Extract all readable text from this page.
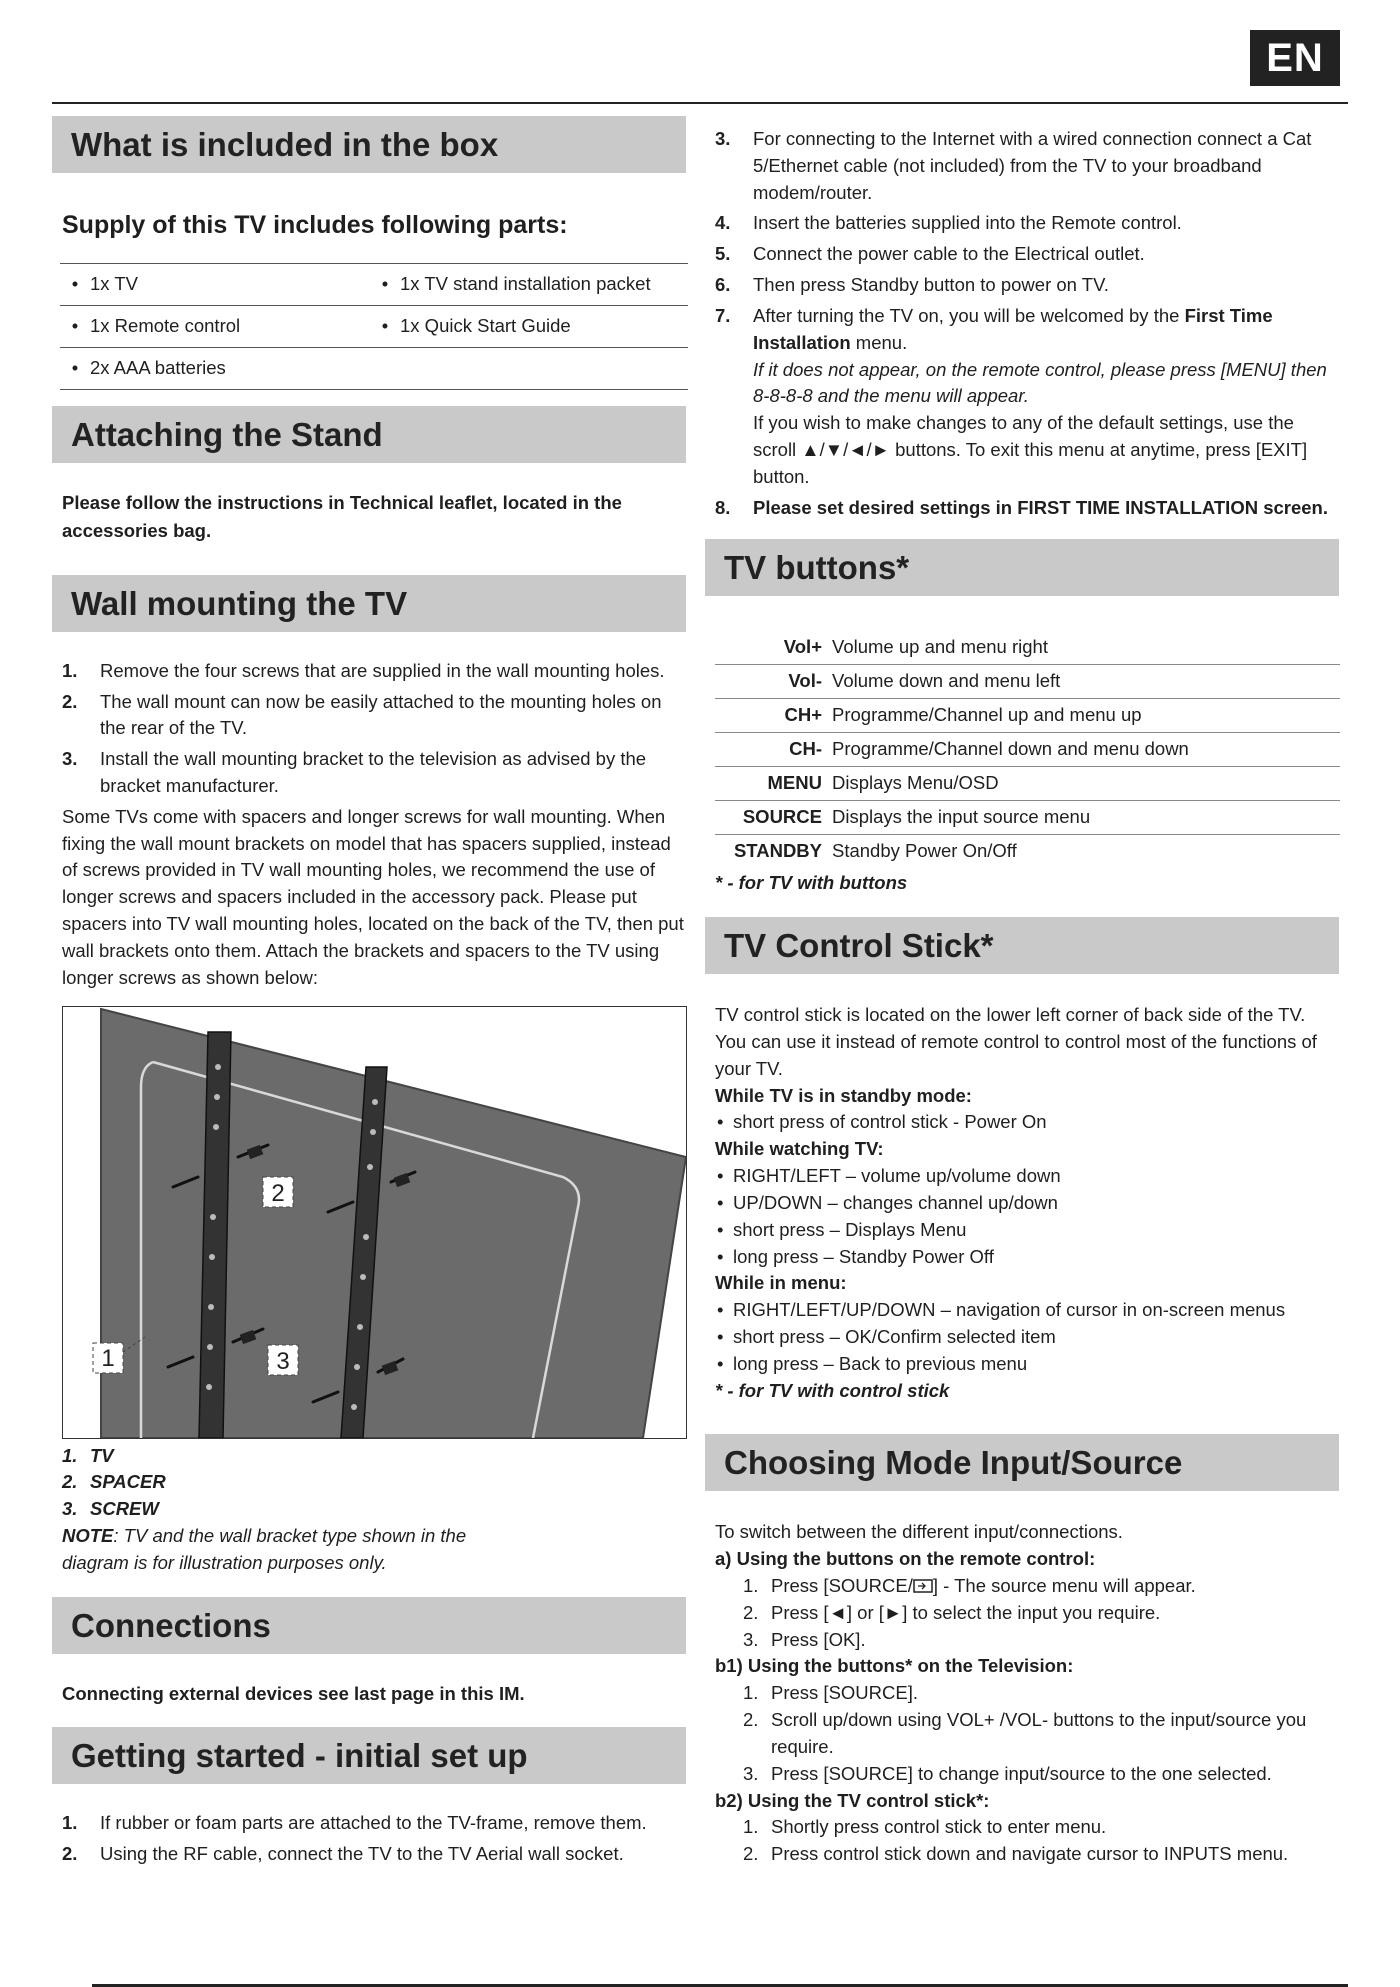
EN
What is included in the box
Supply of this TV includes following parts:
•	1x TV	•	1x TV stand installation packet
•	1x Remote control	•	1x Quick Start Guide
•	2x AAA batteries		
Attaching the Stand
Please follow the instructions in Technical leaflet, located in the accessories bag.
Wall mounting the TV
1. Remove the four screws that are supplied in the wall mounting holes.
2. The wall mount can now be easily attached to the mounting holes on the rear of the TV.
3. Install the wall mounting bracket to the television as advised by the bracket manufacturer.
Some TVs come with spacers and longer screws for wall mounting. When fixing the wall mount brackets on model that has spacers supplied, instead of screws provided in TV wall mounting holes, we recommend the use of longer screws and spacers included in the accessory pack. Please put spacers into TV wall mounting holes, located on the back of the TV, then put wall brackets onto them. Attach the brackets and spacers to the TV using longer screws as shown below:
1
2
3
1. TV
2. SPACER
3. SCREW
NOTE: TV and the wall bracket type shown in the diagram is for illustration purposes only.
Connections
Connecting external devices see last page in this IM.
Getting started - initial set up
1. If rubber or foam parts are attached to the TV-frame, remove them.
2. Using the RF cable, connect the TV to the TV Aerial wall socket.
3. For connecting to the Internet with a wired connection connect a Cat 5/Ethernet cable (not included) from the TV to your broadband modem/router.
4. Insert the batteries supplied into the Remote control.
5. Connect the power cable to the Electrical outlet.
6. Then press Standby button to power on TV.
7. After turning the TV on, you will be welcomed by the First Time Installation menu.
If it does not appear, on the remote control, please press [MENU] then 8-8-8-8 and the menu will appear.
If you wish to make changes to any of the default settings, use the scroll ▲/▼/◄/► buttons. To exit this menu at anytime, press [EXIT] button.
8. Please set desired settings in FIRST TIME INSTALLATION screen.
TV buttons*
Vol+	Volume up and menu right
Vol-	Volume down and menu left
CH+	Programme/Channel up and menu up
CH-	Programme/Channel down and menu down
MENU	Displays Menu/OSD
SOURCE	Displays the input source menu
STANDBY	Standby Power On/Off
* - for TV with buttons
TV Control Stick*
TV control stick is located on the lower left corner of back side of the TV. You can use it instead of remote control to control most of the functions of your TV.
While TV is in standby mode:
• short press of control stick - Power On
While watching TV:
• RIGHT/LEFT – volume up/volume down
• UP/DOWN – changes channel up/down
• short press – Displays Menu
• long press – Standby Power Off
While in menu:
• RIGHT/LEFT/UP/DOWN – navigation of cursor in on-screen menus
• short press – OK/Confirm selected item
• long press – Back to previous menu
* - for TV with control stick
Choosing Mode Input/Source
To switch between the different input/connections.
a) Using the buttons on the remote control:
1. Press [SOURCE/ ] - The source menu will appear.
2. Press [◄] or [►] to select the input you require.
3. Press [OK].
b1) Using the buttons* on the Television:
1. Press [SOURCE].
2. Scroll up/down using VOL+ /VOL- buttons to the input/source you require.
3. Press [SOURCE] to change input/source to the one selected.
b2) Using the TV control stick*:
1. Shortly press control stick to enter menu.
2. Press control stick down and navigate cursor to INPUTS menu.
